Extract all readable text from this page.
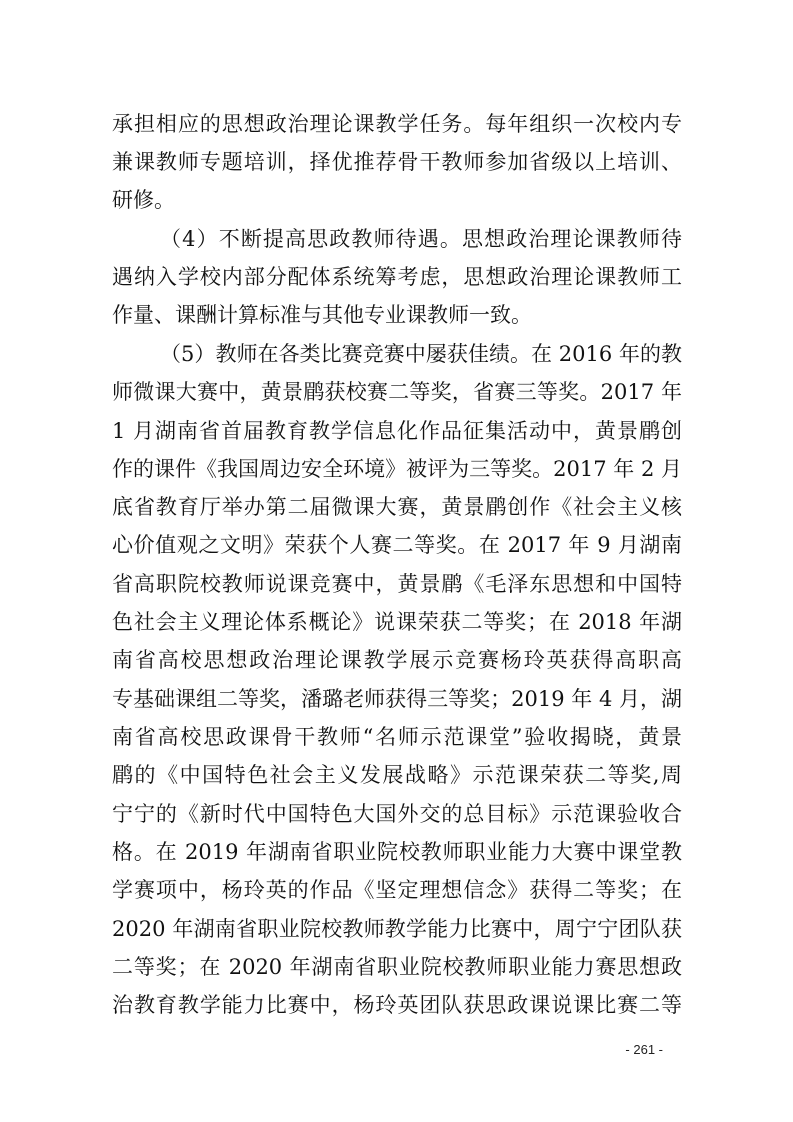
承担相应的思想政治理论课教学任务。每年组织一次校内专
兼课教师专题培训，择优推荐骨干教师参加省级以上培训、
研修。
（4）不断提高思政教师待遇。思想政治理论课教师待
遇纳入学校内部分配体系统筹考虑，思想政治理论课教师工
作量、课酬计算标准与其他专业课教师一致。
（5）教师在各类比赛竞赛中屡获佳绩。在 2016 年的教
师微课大赛中，黄景鹛获校赛二等奖，省赛三等奖。2017 年
1 月湖南省首届教育教学信息化作品征集活动中，黄景鹛创
作的课件《我国周边安全环境》被评为三等奖。2017 年 2 月
底省教育厅举办第二届微课大赛，黄景鹛创作《社会主义核
心价值观之文明》荣获个人赛二等奖。在 2017 年 9 月湖南
省高职院校教师说课竞赛中，黄景鹛《毛泽东思想和中国特
色社会主义理论体系概论》说课荣获二等奖；在 2018 年湖
南省高校思想政治理论课教学展示竞赛杨玲英获得高职高
专基础课组二等奖，潘璐老师获得三等奖；2019 年 4 月，湖
南省高校思政课骨干教师“名师示范课堂”验收揭晓，黄景
鹛的《中国特色社会主义发展战略》示范课荣获二等奖,周
宁宁的《新时代中国特色大国外交的总目标》示范课验收合
格。在 2019 年湖南省职业院校教师职业能力大赛中课堂教
学赛项中，杨玲英的作品《坚定理想信念》获得二等奖；在
2020 年湖南省职业院校教师教学能力比赛中，周宁宁团队获
二等奖；在 2020 年湖南省职业院校教师职业能力赛思想政
治教育教学能力比赛中，杨玲英团队获思政课说课比赛二等
- 261 -
